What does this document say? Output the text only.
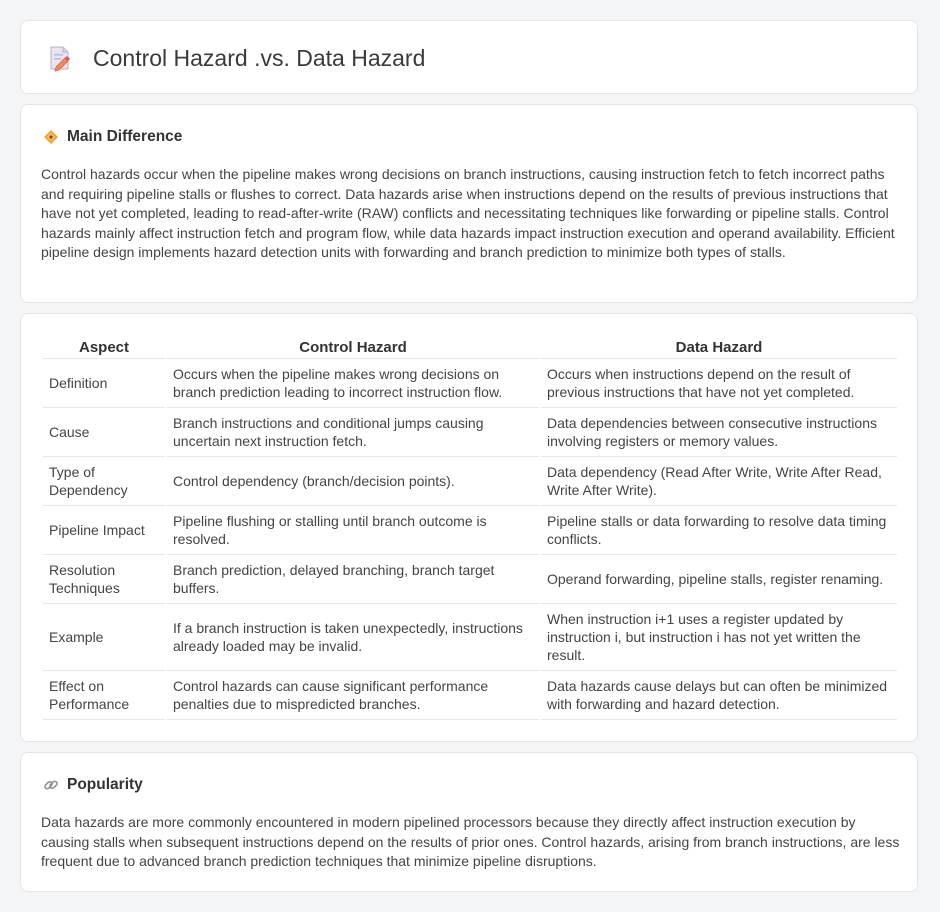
Control Hazard .vs. Data Hazard
Main Difference

Control hazards occur when the pipeline makes wrong decisions on branch instructions, causing instruction fetch to fetch incorrect paths and requiring pipeline stalls or flushes to correct. Data hazards arise when instructions depend on the results of previous instructions that have not yet completed, leading to read-after-write (RAW) conflicts and necessitating techniques like forwarding or pipeline stalls. Control hazards mainly affect instruction fetch and program flow, while data hazards impact instruction execution and operand availability. Efficient pipeline design implements hazard detection units with forwarding and branch prediction to minimize both types of stalls.

Aspect	Control Hazard	Data Hazard
Definition	Occurs when the pipeline makes wrong decisions on branch prediction leading to incorrect instruction flow.	Occurs when instructions depend on the result of previous instructions that have not yet completed.
Cause	Branch instructions and conditional jumps causing uncertain next instruction fetch.	Data dependencies between consecutive instructions involving registers or memory values.
Type of Dependency	Control dependency (branch/decision points).	Data dependency (Read After Write, Write After Read, Write After Write).
Pipeline Impact	Pipeline flushing or stalling until branch outcome is resolved.	Pipeline stalls or data forwarding to resolve data timing conflicts.
Resolution Techniques	Branch prediction, delayed branching, branch target buffers.	Operand forwarding, pipeline stalls, register renaming.
Example	If a branch instruction is taken unexpectedly, instructions already loaded may be invalid.	When instruction i+1 uses a register updated by instruction i, but instruction i has not yet written the result.
Effect on Performance	Control hazards can cause significant performance penalties due to mispredicted branches.	Data hazards cause delays but can often be minimized with forwarding and hazard detection.
Popularity

Data hazards are more commonly encountered in modern pipelined processors because they directly affect instruction execution by causing stalls when subsequent instructions depend on the results of prior ones. Control hazards, arising from branch instructions, are less frequent due to advanced branch prediction techniques that minimize pipeline disruptions.
